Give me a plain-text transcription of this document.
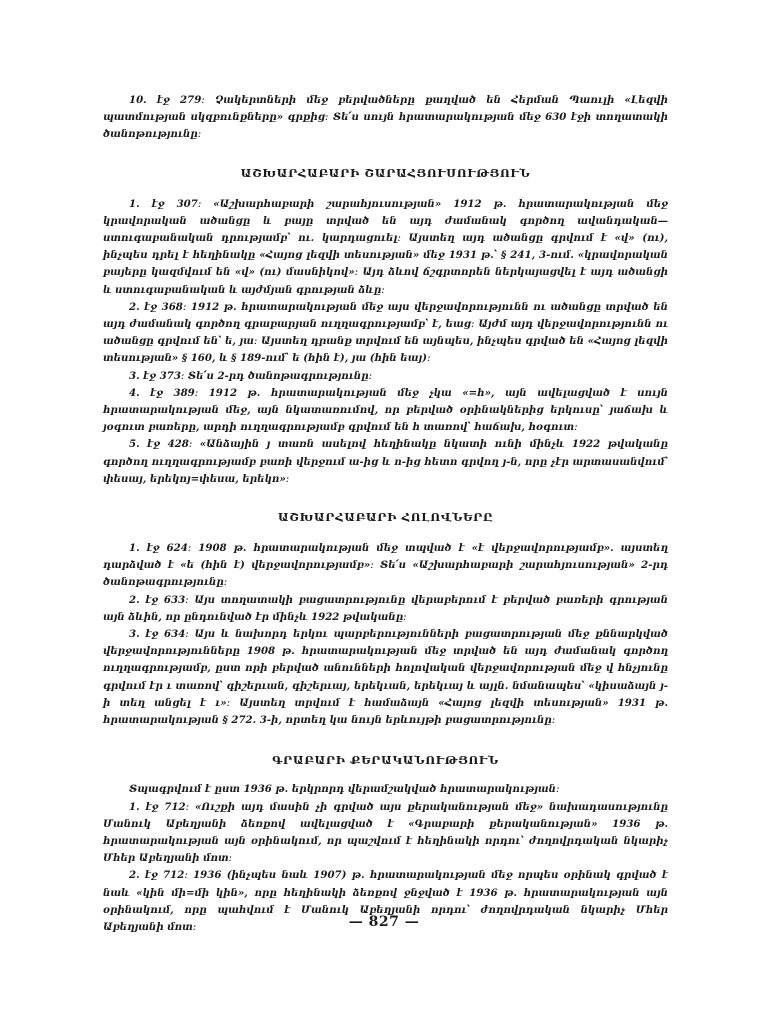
10. էջ 279։ Չակերտների մեջ բերվածները քաղված են Հերման Պաուլի «Լեզվի պատմության սկզբունքները» գրքից։ Տե՛ս սույն հրատարակության մեջ 630 էջի տողատակի ծանոթությունը։

ԱՇԽԱՐՀԱԲԱՐԻ ՇԱՐԱՀՅՈՒՍՈՒԹՅՈՒՆ

1. էջ 307։ «Աշխարհաբարի շարահյուսության» 1912 թ. հրատարակության մեջ կրավորական ածանցը և բայը տրված են այդ ժամանակ գործող ավանդական—ստուգաբանական դրությամբ՝ ու. կարդացուել։ Այստեղ այդ ածանցը գրվում է «վ» (ու), ինչպես դրել է հեղինակը «Հայոց լեզվի տեսության» մեջ 1931 թ.՝ § 241, 3-ում. «կրավորական բայերը կազմվում են «վ» (ու) մասնիկով»։ Այդ ձևով ճշգրտորեն ներկայացվել է այդ ածանցի և ստուգաբանական և այժմյան գրության ձևը։

2. էջ 368։ 1912 թ. հրատարակության մեջ այս վերջավորությունն ու ածանցը տրված են այդ ժամանակ գործող գրաբարյան ուղղագրությամբ՝ է, եաց։ Այժմ այդ վերջավորությունն ու ածանցը գրվում են՝ ե, յա։ Այստեղ դրանք տրվում են այնպես, ինչպես գրված են «Հայոց լեզվի տեսության» § 160, և § 189-ում՝ ե (հին է), յա (հին եայ)։

3. էջ 373։ Տե՛ս 2-րդ ծանոթագրությունը։

4. էջ 389։ 1912 թ. հրատարակության մեջ չկա «=հ», այն ավելացված է սույն հրատարակության մեջ, այն նկատառումով, որ բերված օրինակներից երկուսը՝ յաճախ և յօգուտ բառերը, արդի ուղղագրությամբ գրվում են հ տառով՝ հաճախ, հօգուտ։

5. էջ 428։ «Անձային յ տառն ասելով հեղինակը նկատի ունի մինչև 1922 թվականը գործող ուղղագրությամբ բառի վերջում ա-ից և ո-ից հետո գրվող յ-ն, որը չէր արտասանվում՝ փեսայ, երեկոյ=փեսա, երեկո»։

ԱՇԽԱՐՀԱԲԱՐԻ ՀՈԼՈՎՆԵՐԸ

1. էջ 624։ 1908 թ. հրատարակության մեջ տպված է «է վերջավորությամբ». այստեղ դարձված է «ե (հին է) վերջավորությամբ»։ Տե՛ս «Աշխարհաբարի շարահյուսության» 2-րդ ծանոթագրությունը։

2. էջ 633։ Այս տողատակի բացատրությունը վերաբերում է բերված բառերի գրության այն ձևին, որ ընդունված էր մինչև 1922 թվականը։

3. էջ 634։ Այս և նախորդ երկու պարբերությունների բացատրության մեջ քննարկված վերջավորությունները 1908 թ. հրատարակության մեջ տրված են այդ ժամանակ գործող ուղղագրությամբ, ըստ որի բերված անունների հոլովական վերջավորության մեջ վ հնչյունը գրվում էր ւ տառով՝ գիշերւան, գիշերւայ, երեկւան, երեկւայ և այլն. նմանապես՝ «կիսաձայն յ-ի տեղ անցել է ւ»։ Այստեղ տրվում է համաձայն «Հայոց լեզվի տեսության» 1931 թ. հրատարակության § 272. 3-ի, որտեղ կա նույն երևույթի բացատրությունը։

ԳՐԱԲԱՐԻ ՔԵՐԱԿԱՆՈՒԹՅՈՒՆ

Տպագրվում է ըստ 1936 թ. երկրորդ վերամշակված հրատարակության։

1. էջ 712։ «Ուշքի այդ մասին չի գրված այս քերականության մեջ» նախադասությունը Մանուկ Աբեղյանի ձեռքով ավելացված է «Գրաբարի քերականության» 1936 թ. հրատարակության այն օրինակում, որ պաշվում է հեղինակի որդու՝ ժողովրդական նկարիչ Մհեր Աբեղյանի մոտ։

2. էջ 712։ 1936 (ինչպես նաև 1907) թ. հրատարակության մեջ որպես օրինակ գրված է նաև «կին մի=մի կին», որը հեղինակի ձեռքով ջնջված է 1936 թ. հրատարակության այն օրինակում, որը պահվում է Մանուկ Աբեղյանի որդու՝ ժողովրդական նկարիչ Մհեր Աբեղյանի մոտ։	— 827 —
